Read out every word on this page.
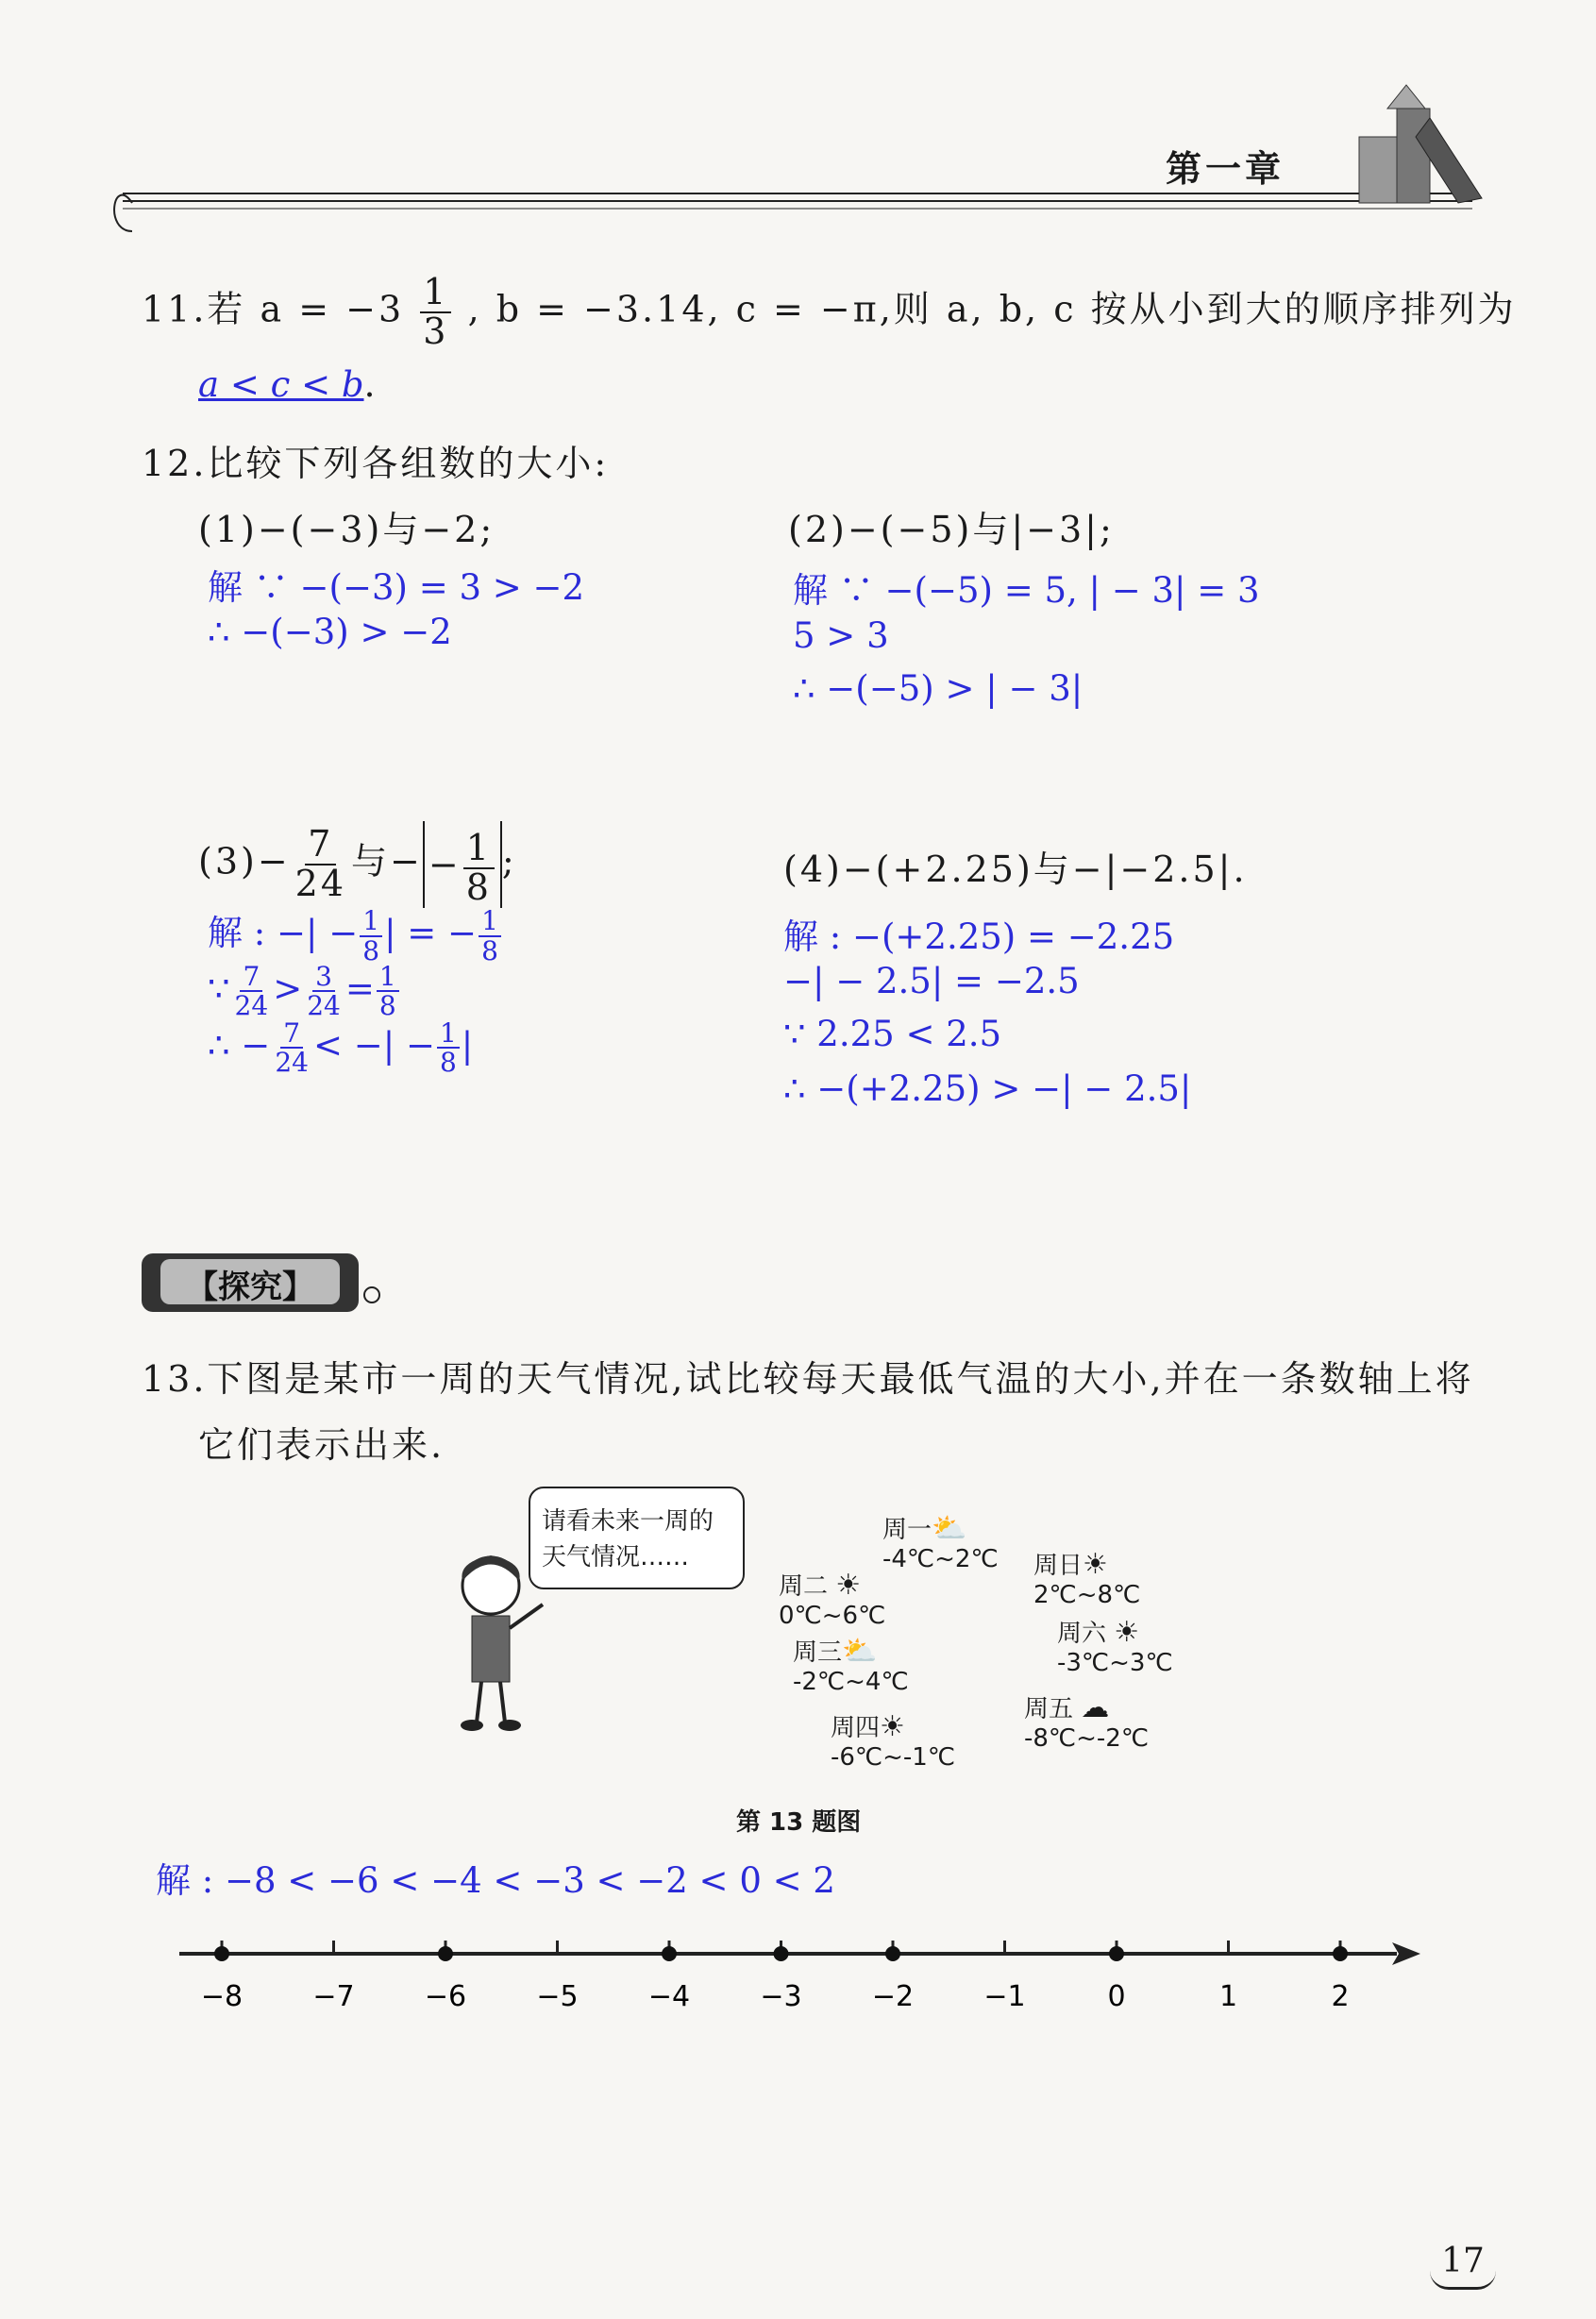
第一章
11.若 $a = -3 \frac{1}{3}$ , b = −3.14, c = −π,则 a, b, c 按从小到大的顺序排列为
a < c < b.
12.比较下列各组数的大小:
(1)−(−3)与−2;
解 ∵ −(−3) = 3 > −2
∴ −(−3) > −2
(2)−(−5)与|−3|;
解 ∵ −(−5) = 5, | − 3| = 3
5 > 3
∴ −(−5) > | − 3|
$(3)- \frac{7}{24}$ 与− − $\frac{1}{8}$ ;
解 : −| − $\frac{1}{8}$ | = − $\frac{1}{8}$
∵ $\frac{7}{24} > \frac{3}{24} = \frac{1}{8}$
∴ − $\frac{7}{24}$ < −| − $\frac{1}{8}$ |
(4)−(+2.25)与−|−2.5|.
解 : −(+2.25) = −2.25
−| − 2.5| = −2.5
∵ 2.25 < 2.5
∴ −(+2.25) > −| − 2.5|
【探究】
13.下图是某市一周的天气情况,试比较每天最低气温的大小,并在一条数轴上将
它们表示出来.
请看未来一周的
天气情况……
周一⛅
-4℃~2℃
周二 ☀
0℃~6℃
周三⛅
-2℃~4℃
周四☀
-6℃~-1℃
周五 ☁
-8℃~-2℃
周六 ☀
-3℃~3℃
周日☀
2℃~8℃
第 13 题图
解 : −8 < −6 < −4 < −3 < −2 < 0 < 2
−8 −7 −6 −5 −4 −3 −2 −1	0	1	2
17
